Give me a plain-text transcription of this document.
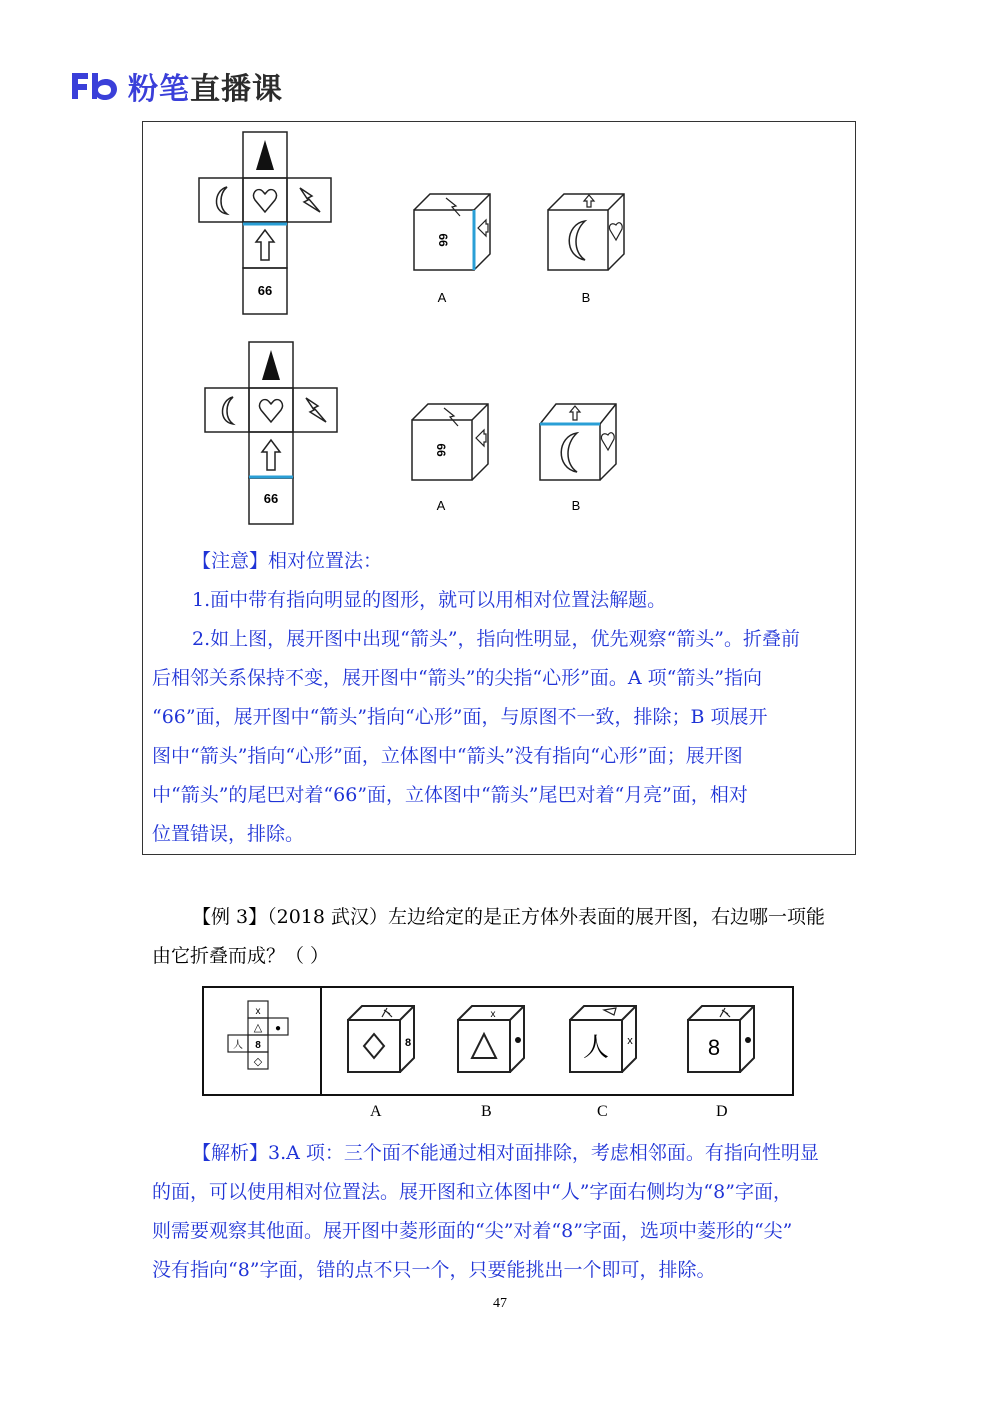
粉笔直播课
66
66
A	B
66
66
A	B

【注意】相对位置法：

1.面中带有指向明显的图形，就可以用相对位置法解题。

2.如上图，展开图中出现“箭头”，指向性明显，优先观察“箭头”。折叠前

后相邻关系保持不变，展开图中“箭头”的尖指“心形”面。A 项“箭头”指向

“66”面，展开图中“箭头”指向“心形”面，与原图不一致，排除；B 项展开

图中“箭头”指向“心形”面，立体图中“箭头”没有指向“心形”面；展开图

中“箭头”的尾巴对着“66”面，立体图中“箭头”尾巴对着“月亮”面，相对

位置错误，排除。

【例 3】（2018 武汉）左边给定的是正方体外表面的展开图，右边哪一项能

由它折叠而成？（ ）

x
△ ●
人 8
◇
8
x
人 x	8
A	B	C	D

【解析】3.A 项：三个面不能通过相对面排除，考虑相邻面。有指向性明显

的面，可以使用相对位置法。展开图和立体图中“人”字面右侧均为“8”字面，

则需要观察其他面。展开图中菱形面的“尖”对着“8”字面，选项中菱形的“尖”

没有指向“8”字面，错的点不只一个，只要能挑出一个即可，排除。

47
